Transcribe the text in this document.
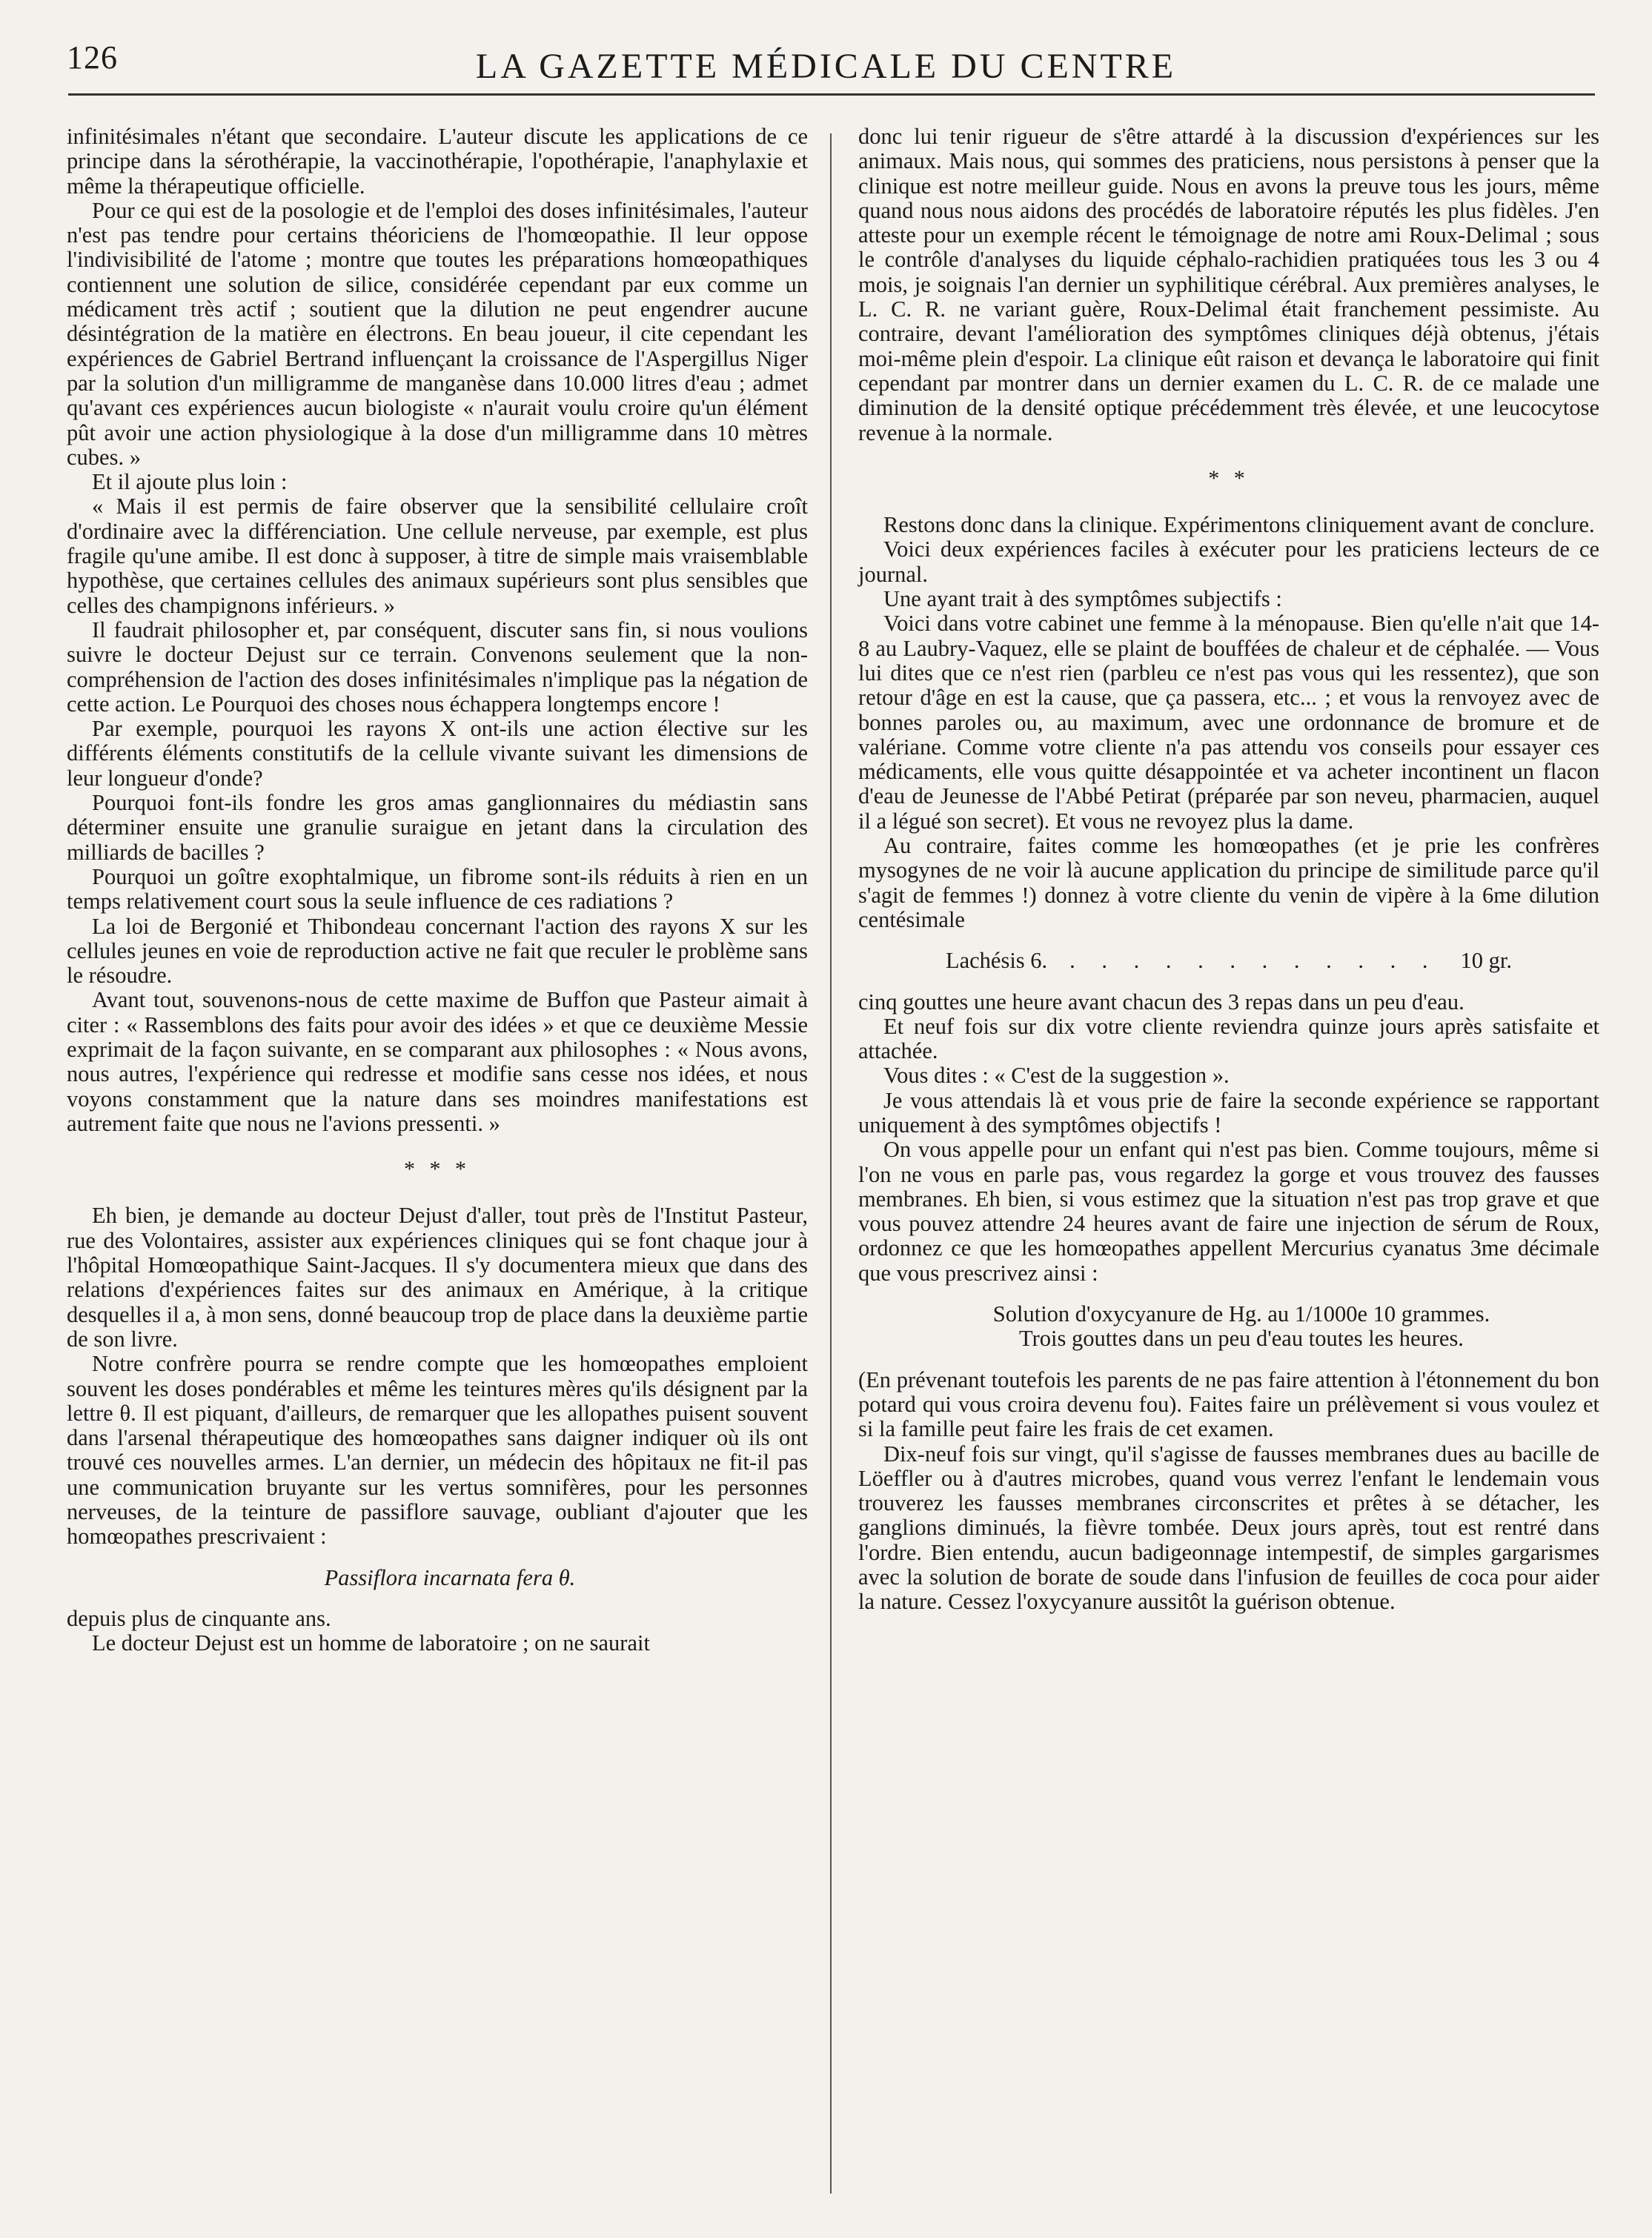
126	LA GAZETTE MÉDICALE DU CENTRE

infinitésimales n'étant que secondaire. L'auteur discute les applications de ce principe dans la sérothérapie, la vaccinothérapie, l'opothérapie, l'anaphylaxie et même la thérapeutique officielle.

Pour ce qui est de la posologie et de l'emploi des doses infinitésimales, l'auteur n'est pas tendre pour certains théoriciens de l'homœopathie. Il leur oppose l'indivisibilité de l'atome ; montre que toutes les préparations homœopathiques contiennent une solution de silice, considérée cependant par eux comme un médicament très actif ; soutient que la dilution ne peut engendrer aucune désintégration de la matière en électrons. En beau joueur, il cite cependant les expériences de Gabriel Bertrand influençant la croissance de l'Aspergillus Niger par la solution d'un milligramme de manganèse dans 10.000 litres d'eau ; admet qu'avant ces expériences aucun biologiste « n'aurait voulu croire qu'un élément pût avoir une action physiologique à la dose d'un milligramme dans 10 mètres cubes. »

Et il ajoute plus loin :

« Mais il est permis de faire observer que la sensibilité cellulaire croît d'ordinaire avec la différenciation. Une cellule nerveuse, par exemple, est plus fragile qu'une amibe. Il est donc à supposer, à titre de simple mais vraisemblable hypothèse, que certaines cellules des animaux supérieurs sont plus sensibles que celles des champignons inférieurs. »

Il faudrait philosopher et, par conséquent, discuter sans fin, si nous voulions suivre le docteur Dejust sur ce terrain. Convenons seulement que la non-compréhension de l'action des doses infinitésimales n'implique pas la négation de cette action. Le Pourquoi des choses nous échappera longtemps encore !

Par exemple, pourquoi les rayons X ont-ils une action élective sur les différents éléments constitutifs de la cellule vivante suivant les dimensions de leur longueur d'onde?

Pourquoi font-ils fondre les gros amas ganglionnaires du médiastin sans déterminer ensuite une granulie suraigue en jetant dans la circulation des milliards de bacilles ?

Pourquoi un goître exophtalmique, un fibrome sont-ils réduits à rien en un temps relativement court sous la seule influence de ces radiations ?

La loi de Bergonié et Thibondeau concernant l'action des rayons X sur les cellules jeunes en voie de reproduction active ne fait que reculer le problème sans le résoudre.

Avant tout, souvenons-nous de cette maxime de Buffon que Pasteur aimait à citer : « Rassemblons des faits pour avoir des idées » et que ce deuxième Messie exprimait de la façon suivante, en se comparant aux philosophes : « Nous avons, nous autres, l'expérience qui redresse et modifie sans cesse nos idées, et nous voyons constamment que la nature dans ses moindres manifestations est autrement faite que nous ne l'avions pressenti. »

* * *

Eh bien, je demande au docteur Dejust d'aller, tout près de l'Institut Pasteur, rue des Volontaires, assister aux expériences cliniques qui se font chaque jour à l'hôpital Homœopathique Saint-Jacques. Il s'y documentera mieux que dans des relations d'expériences faites sur des animaux en Amérique, à la critique desquelles il a, à mon sens, donné beaucoup trop de place dans la deuxième partie de son livre.

Notre confrère pourra se rendre compte que les homœopathes emploient souvent les doses pondérables et même les teintures mères qu'ils désignent par la lettre θ. Il est piquant, d'ailleurs, de remarquer que les allopathes puisent souvent dans l'arsenal thérapeutique des homœopathes sans daigner indiquer où ils ont trouvé ces nouvelles armes. L'an dernier, un médecin des hôpitaux ne fit-il pas une communication bruyante sur les vertus somnifères, pour les personnes nerveuses, de la teinture de passiflore sauvage, oubliant d'ajouter que les homœopathes prescrivaient :

Passiflora incarnata fera θ.

depuis plus de cinquante ans.

Le docteur Dejust est un homme de laboratoire ; on ne saurait

donc lui tenir rigueur de s'être attardé à la discussion d'expériences sur les animaux. Mais nous, qui sommes des praticiens, nous persistons à penser que la clinique est notre meilleur guide. Nous en avons la preuve tous les jours, même quand nous nous aidons des procédés de laboratoire réputés les plus fidèles. J'en atteste pour un exemple récent le témoignage de notre ami Roux-Delimal ; sous le contrôle d'analyses du liquide céphalo-rachidien pratiquées tous les 3 ou 4 mois, je soignais l'an dernier un syphilitique cérébral. Aux premières analyses, le L. C. R. ne variant guère, Roux-Delimal était franchement pessimiste. Au contraire, devant l'amélioration des symptômes cliniques déjà obtenus, j'étais moi-même plein d'espoir. La clinique eût raison et devança le laboratoire qui finit cependant par montrer dans un dernier examen du L. C. R. de ce malade une diminution de la densité optique précédemment très élevée, et une leucocytose revenue à la normale.

* *

Restons donc dans la clinique. Expérimentons cliniquement avant de conclure.

Voici deux expériences faciles à exécuter pour les praticiens lecteurs de ce journal.

Une ayant trait à des symptômes subjectifs :

Voici dans votre cabinet une femme à la ménopause. Bien qu'elle n'ait que 14-8 au Laubry-Vaquez, elle se plaint de bouffées de chaleur et de céphalée. — Vous lui dites que ce n'est rien (parbleu ce n'est pas vous qui les ressentez), que son retour d'âge en est la cause, que ça passera, etc... ; et vous la renvoyez avec de bonnes paroles ou, au maximum, avec une ordonnance de bromure et de valériane. Comme votre cliente n'a pas attendu vos conseils pour essayer ces médicaments, elle vous quitte désappointée et va acheter incontinent un flacon d'eau de Jeunesse de l'Abbé Petirat (préparée par son neveu, pharmacien, auquel il a légué son secret). Et vous ne revoyez plus la dame.

Au contraire, faites comme les homœopathes (et je prie les confrères mysogynes de ne voir là aucune application du principe de similitude parce qu'il s'agit de femmes !) donnez à votre cliente du venin de vipère à la 6me dilution centésimale

Lachésis 6. . . . . . . . . . . . . 10 gr.

cinq gouttes une heure avant chacun des 3 repas dans un peu d'eau.

Et neuf fois sur dix votre cliente reviendra quinze jours après satisfaite et attachée.

Vous dites : « C'est de la suggestion ».

Je vous attendais là et vous prie de faire la seconde expérience se rapportant uniquement à des symptômes objectifs !

On vous appelle pour un enfant qui n'est pas bien. Comme toujours, même si l'on ne vous en parle pas, vous regardez la gorge et vous trouvez des fausses membranes. Eh bien, si vous estimez que la situation n'est pas trop grave et que vous pouvez attendre 24 heures avant de faire une injection de sérum de Roux, ordonnez ce que les homœopathes appellent Mercurius cyanatus 3me décimale que vous prescrivez ainsi :

Solution d'oxycyanure de Hg. au 1/1000e 10 grammes.

Trois gouttes dans un peu d'eau toutes les heures.

(En prévenant toutefois les parents de ne pas faire attention à l'étonnement du bon potard qui vous croira devenu fou). Faites faire un prélèvement si vous voulez et si la famille peut faire les frais de cet examen.

Dix-neuf fois sur vingt, qu'il s'agisse de fausses membranes dues au bacille de Löeffler ou à d'autres microbes, quand vous verrez l'enfant le lendemain vous trouverez les fausses membranes circonscrites et prêtes à se détacher, les ganglions diminués, la fièvre tombée. Deux jours après, tout est rentré dans l'ordre. Bien entendu, aucun badigeonnage intempestif, de simples gargarismes avec la solution de borate de soude dans l'infusion de feuilles de coca pour aider la nature. Cessez l'oxycyanure aussitôt la guérison obtenue.
